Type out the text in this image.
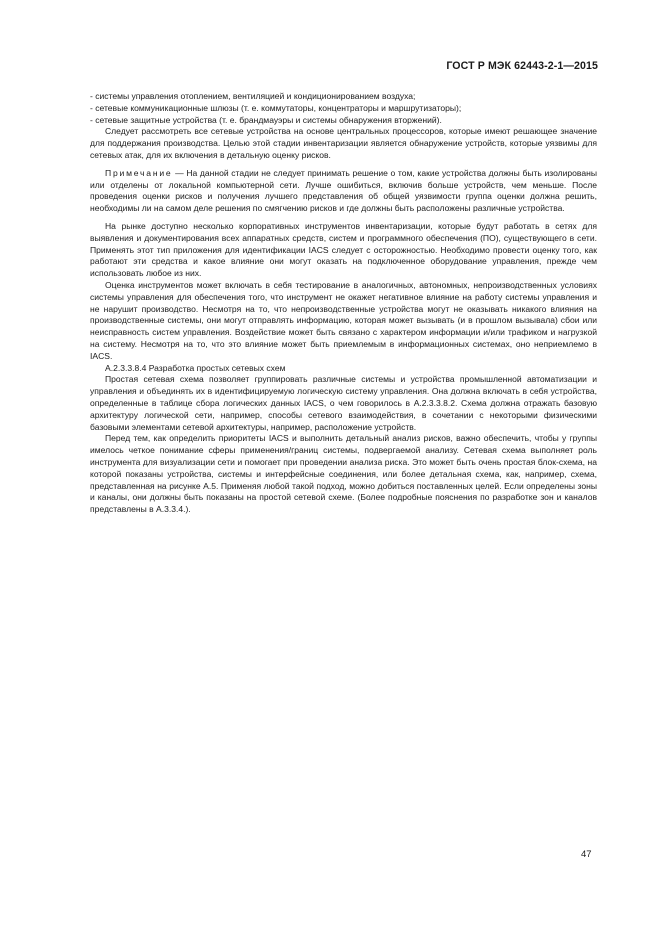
ГОСТ Р МЭК 62443-2-1—2015

- системы управления отоплением, вентиляцией и кондиционированием воздуха;

- сетевые коммуникационные шлюзы (т. е. коммутаторы, концентраторы и маршрутизаторы);

- сетевые защитные устройства (т. е. брандмауэры и системы обнаружения вторжений).

Следует рассмотреть все сетевые устройства на основе центральных процессоров, которые имеют решающее значение для поддержания производства. Целью этой стадии инвентаризации является обнаружение устройств, которые уязвимы для сетевых атак, для их включения в детальную оценку рисков.

Примечание — На данной стадии не следует принимать решение о том, какие устройства должны быть изолированы или отделены от локальной компьютерной сети. Лучше ошибиться, включив больше устройств, чем меньше. После проведения оценки рисков и получения лучшего представления об общей уязвимости группа оценки должна решить, необходимы ли на самом деле решения по смягчению рисков и где должны быть расположены различные устройства.

На рынке доступно несколько корпоративных инструментов инвентаризации, которые будут работать в сетях для выявления и документирования всех аппаратных средств, систем и программного обеспечения (ПО), существующего в сети. Применять этот тип приложения для идентификации IACS следует с осторожностью. Необходимо провести оценку того, как работают эти средства и какое влияние они могут оказать на подключенное оборудование управления, прежде чем использовать любое из них.

Оценка инструментов может включать в себя тестирование в аналогичных, автономных, непроизводственных условиях системы управления для обеспечения того, что инструмент не окажет негативное влияние на работу системы управления и не нарушит производство. Несмотря на то, что непроизводственные устройства могут не оказывать никакого влияния на производственные системы, они могут отправлять информацию, которая может вызывать (и в прошлом вызывала) сбои или неисправность систем управления. Воздействие может быть связано с характером информации и/или трафиком и нагрузкой на систему. Несмотря на то, что это влияние может быть приемлемым в информационных системах, оно неприемлемо в IACS.

А.2.3.3.8.4 Разработка простых сетевых схем

Простая сетевая схема позволяет группировать различные системы и устройства промышленной автоматизации и управления и объединять их в идентифицируемую логическую систему управления. Она должна включать в себя устройства, определенные в таблице сбора логических данных IACS, о чем говорилось в А.2.3.3.8.2. Схема должна отражать базовую архитектуру логической сети, например, способы сетевого взаимодействия, в сочетании с некоторыми физическими базовыми элементами сетевой архитектуры, например, расположение устройств.

Перед тем, как определить приоритеты IACS и выполнить детальный анализ рисков, важно обеспечить, чтобы у группы имелось четкое понимание сферы применения/границ системы, подвергаемой анализу. Сетевая схема выполняет роль инструмента для визуализации сети и помогает при проведении анализа риска. Это может быть очень простая блок-схема, на которой показаны устройства, системы и интерфейсные соединения, или более детальная схема, как, например, схема, представленная на рисунке А.5. Применяя любой такой подход, можно добиться поставленных целей. Если определены зоны и каналы, они должны быть показаны на простой сетевой схеме. (Более подробные пояснения по разработке зон и каналов представлены в А.3.3.4.).

47
